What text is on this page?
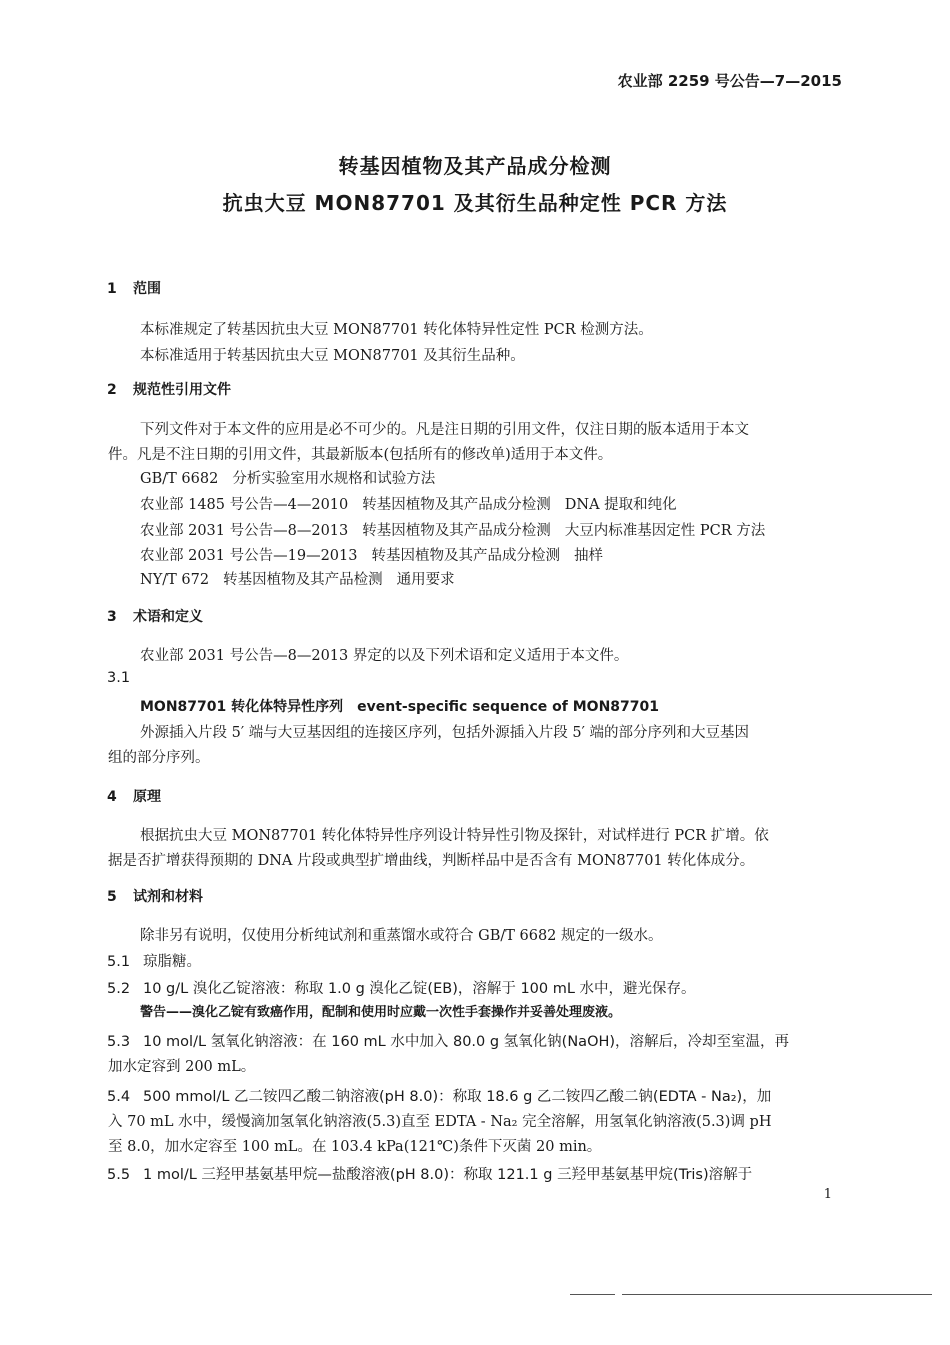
农业部 2259 号公告—7—2015
转基因植物及其产品成分检测
抗虫大豆 MON87701 及其衍生品种定性 PCR 方法
1 范围
本标准规定了转基因抗虫大豆 MON87701 转化体特异性定性 PCR 检测方法。
本标准适用于转基因抗虫大豆 MON87701 及其衍生品种。
2 规范性引用文件
下列文件对于本文件的应用是必不可少的。凡是注日期的引用文件，仅注日期的版本适用于本文
件。凡是不注日期的引用文件，其最新版本(包括所有的修改单)适用于本文件。
GB/T 6682 分析实验室用水规格和试验方法
农业部 1485 号公告—4—2010 转基因植物及其产品成分检测 DNA 提取和纯化
农业部 2031 号公告—8—2013 转基因植物及其产品成分检测 大豆内标准基因定性 PCR 方法
农业部 2031 号公告—19—2013 转基因植物及其产品成分检测 抽样
NY/T 672 转基因植物及其产品检测 通用要求
3 术语和定义
农业部 2031 号公告—8—2013 界定的以及下列术语和定义适用于本文件。
3.1
MON87701 转化体特异性序列 event-specific sequence of MON87701
外源插入片段 5′ 端与大豆基因组的连接区序列，包括外源插入片段 5′ 端的部分序列和大豆基因
组的部分序列。
4 原理
根据抗虫大豆 MON87701 转化体特异性序列设计特异性引物及探针，对试样进行 PCR 扩增。依
据是否扩增获得预期的 DNA 片段或典型扩增曲线，判断样品中是否含有 MON87701 转化体成分。
5 试剂和材料
除非另有说明，仅使用分析纯试剂和重蒸馏水或符合 GB/T 6682 规定的一级水。
5.1 琼脂糖。
5.2 10 g/L 溴化乙锭溶液：称取 1.0 g 溴化乙锭(EB)，溶解于 100 mL 水中，避光保存。
警告——溴化乙锭有致癌作用，配制和使用时应戴一次性手套操作并妥善处理废液。
5.3 10 mol/L 氢氧化钠溶液：在 160 mL 水中加入 80.0 g 氢氧化钠(NaOH)，溶解后，冷却至室温，再
加水定容到 200 mL。
5.4 500 mmol/L 乙二铵四乙酸二钠溶液(pH 8.0)：称取 18.6 g 乙二铵四乙酸二钠(EDTA - Na₂)，加
入 70 mL 水中，缓慢滴加氢氧化钠溶液(5.3)直至 EDTA - Na₂ 完全溶解，用氢氧化钠溶液(5.3)调 pH
至 8.0，加水定容至 100 mL。在 103.4 kPa(121℃)条件下灭菌 20 min。
5.5 1 mol/L 三羟甲基氨基甲烷—盐酸溶液(pH 8.0)：称取 121.1 g 三羟甲基氨基甲烷(Tris)溶解于
1
